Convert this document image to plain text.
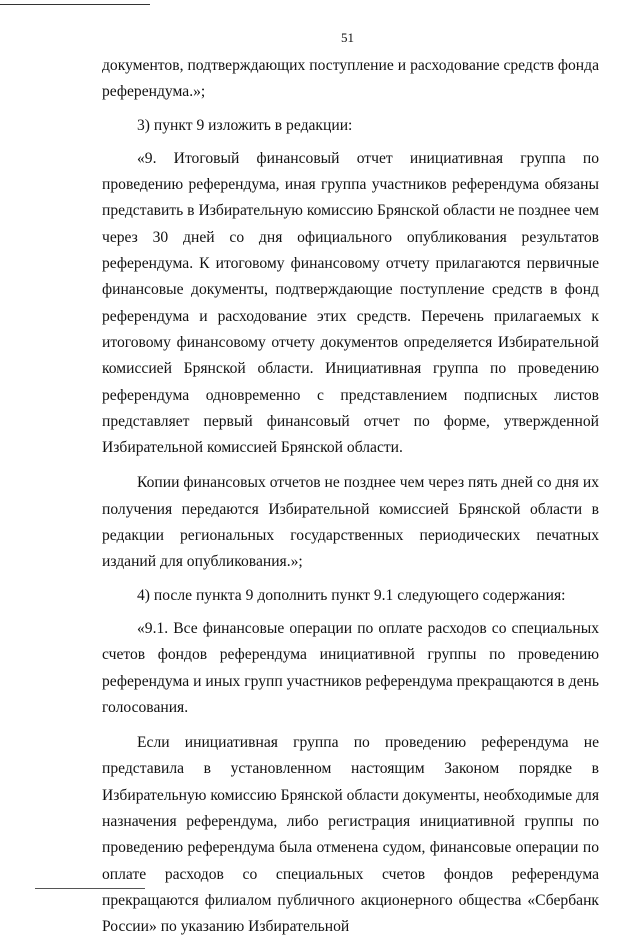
51

документов, подтверждающих поступление и расходование средств фонда референдума.»;

3) пункт 9 изложить в редакции:

«9. Итоговый финансовый отчет инициативная группа по проведению референдума, иная группа участников референдума обязаны представить в Избирательную комиссию Брянской области не позднее чем через 30 дней со дня официального опубликования результатов референдума. К итоговому финансовому отчету прилагаются первичные финансовые документы, подтверждающие поступление средств в фонд референдума и расходование этих средств. Перечень прилагаемых к итоговому финансовому отчету документов определяется Избирательной комиссией Брянской области. Инициативная группа по проведению референдума одновременно с представлением подписных листов представляет первый финансовый отчет по форме, утвержденной Избирательной комиссией Брянской области.

Копии финансовых отчетов не позднее чем через пять дней со дня их получения передаются Избирательной комиссией Брянской области в редакции региональных государственных периодических печатных изданий для опубликования.»;

4) после пункта 9 дополнить пункт 9.1 следующего содержания:

«9.1. Все финансовые операции по оплате расходов со специальных счетов фондов референдума инициативной группы по проведению референдума и иных групп участников референдума прекращаются в день голосования.

Если инициативная группа по проведению референдума не представила в установленном настоящим Законом порядке в Избирательную комиссию Брянской области документы, необходимые для назначения референдума, либо регистрация инициативной группы по проведению референдума была отменена судом, финансовые операции по оплате расходов со специальных счетов фондов референдума прекращаются филиалом публичного акционерного общества «Сбербанк России» по указанию Избирательной
